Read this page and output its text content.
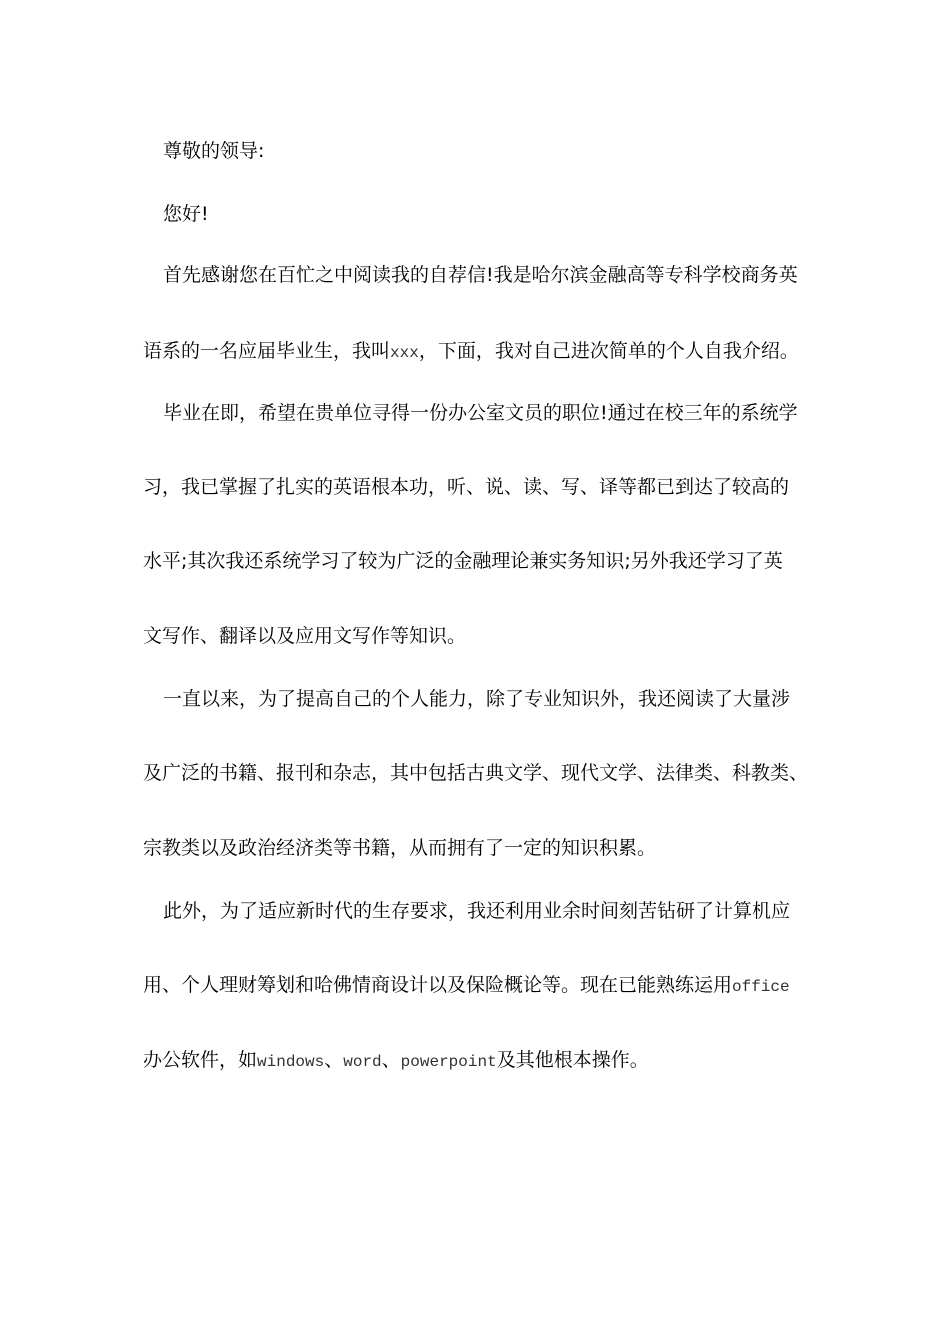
尊敬的领导:
您好!
首先感谢您在百忙之中阅读我的自荐信!我是哈尔滨金融高等专科学校商务英
语系的一名应届毕业生，我叫xxx，下面，我对自己进次简单的个人自我介绍。
毕业在即，希望在贵单位寻得一份办公室文员的职位!通过在校三年的系统学
习，我已掌握了扎实的英语根本功，听、说、读、写、译等都已到达了较高的
水平;其次我还系统学习了较为广泛的金融理论兼实务知识;另外我还学习了英
文写作、翻译以及应用文写作等知识。
一直以来，为了提高自己的个人能力，除了专业知识外，我还阅读了大量涉
及广泛的书籍、报刊和杂志，其中包括古典文学、现代文学、法律类、科教类、
宗教类以及政治经济类等书籍，从而拥有了一定的知识积累。
此外，为了适应新时代的生存要求，我还利用业余时间刻苦钻研了计算机应
用、个人理财筹划和哈佛情商设计以及保险概论等。现在已能熟练运用office
办公软件，如windows、word、powerpoint及其他根本操作。
